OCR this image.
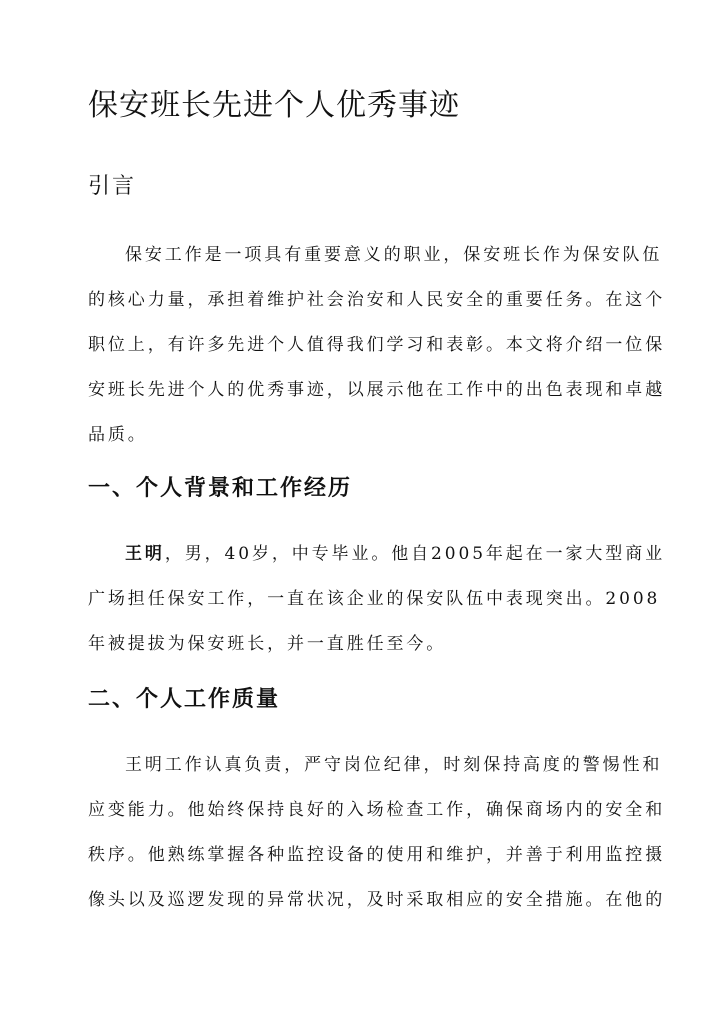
保安班长先进个人优秀事迹
引言
保安工作是一项具有重要意义的职业，保安班长作为保安队伍
的核心力量，承担着维护社会治安和人民安全的重要任务。在这个
职位上，有许多先进个人值得我们学习和表彰。本文将介绍一位保
安班长先进个人的优秀事迹，以展示他在工作中的出色表现和卓越
品质。
一、个人背景和工作经历
王明，男，40岁，中专毕业。他自2005年起在一家大型商业
广场担任保安工作，一直在该企业的保安队伍中表现突出。2008
年被提拔为保安班长，并一直胜任至今。
二、个人工作质量
王明工作认真负责，严守岗位纪律，时刻保持高度的警惕性和
应变能力。他始终保持良好的入场检查工作，确保商场内的安全和
秩序。他熟练掌握各种监控设备的使用和维护，并善于利用监控摄
像头以及巡逻发现的异常状况，及时采取相应的安全措施。在他的
